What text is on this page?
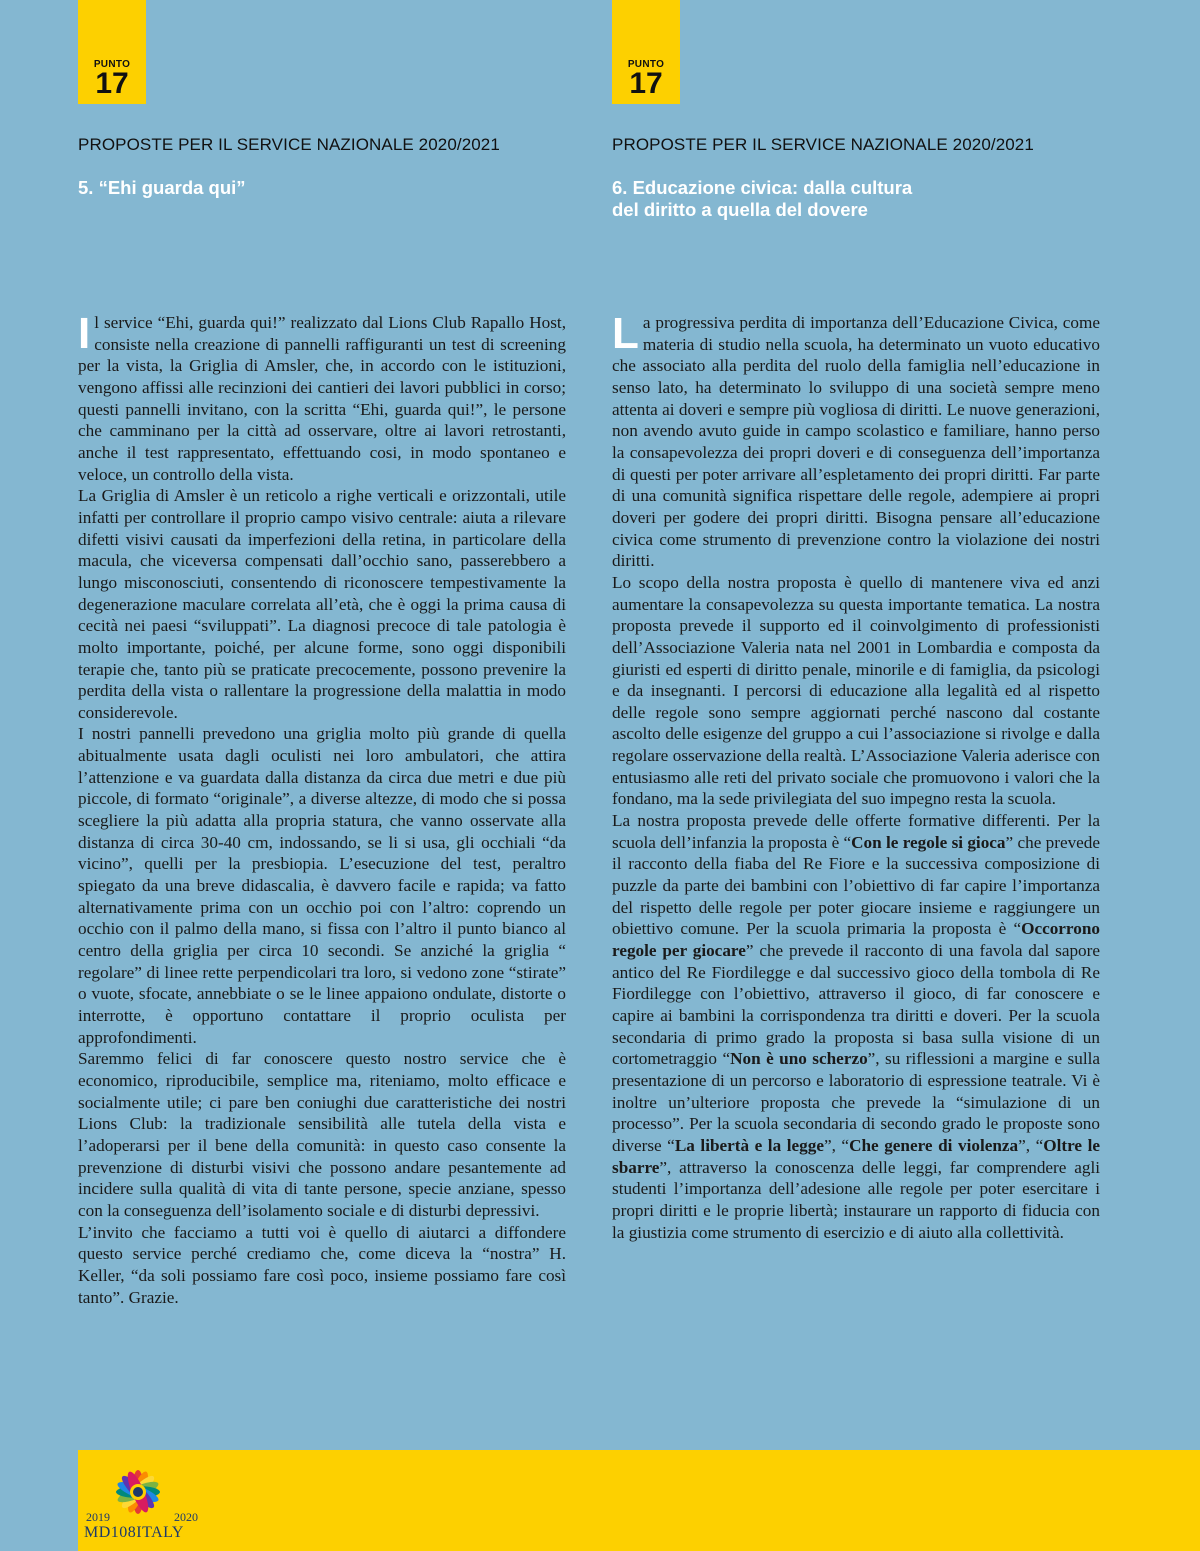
PUNTO
17
PROPOSTE PER IL SERVICE NAZIONALE 2020/2021
5. “Ehi guarda qui”

Il service “Ehi, guarda qui!” realizzato dal Lions Club Rapallo Host, consiste nella creazione di pannelli raffiguranti un test di screening per la vista, la Griglia di Amsler, che, in accordo con le istituzioni, vengono affissi alle recinzioni dei cantieri dei lavori pubblici in corso; questi pannelli invitano, con la scritta “Ehi, guarda qui!”, le persone che camminano per la città ad osservare, oltre ai lavori retrostanti, anche il test rappresentato, effettuando cosi, in modo spontaneo e veloce, un controllo della vista.

La Griglia di Amsler è un reticolo a righe verticali e orizzontali, utile infatti per controllare il proprio campo visivo centrale: aiuta a rilevare difetti visivi causati da imperfezioni della retina, in particolare della macula, che viceversa compensati dall’occhio sano, passerebbero a lungo misconosciuti, consentendo di riconoscere tempestivamente la degenerazione maculare correlata all’età, che è oggi la prima causa di cecità nei paesi “sviluppati”. La diagnosi precoce di tale patologia è molto importante, poiché, per alcune forme, sono oggi disponibili terapie che, tanto più se praticate precocemente, possono prevenire la perdita della vista o rallentare la progressione della malattia in modo considerevole.

I nostri pannelli prevedono una griglia molto più grande di quella abitualmente usata dagli oculisti nei loro ambulatori, che attira l’attenzione e va guardata dalla distanza da circa due metri e due più piccole, di formato “originale”, a diverse altezze, di modo che si possa scegliere la più adatta alla propria statura, che vanno osservate alla distanza di circa 30-40 cm, indossando, se li si usa, gli occhiali “da vicino”, quelli per la presbiopia. L’esecuzione del test, peraltro spiegato da una breve didascalia, è davvero facile e rapida; va fatto alternativamente prima con un occhio poi con l’altro: coprendo un occhio con il palmo della mano, si fissa con l’altro il punto bianco al centro della griglia per circa 10 secondi. Se anziché la griglia “ regolare” di linee rette perpendicolari tra loro, si vedono zone “stirate” o vuote, sfocate, annebbiate o se le linee appaiono ondulate, distorte o interrotte, è opportuno contattare il proprio oculista per approfondimenti.

Saremmo felici di far conoscere questo nostro service che è economico, riproducibile, semplice ma, riteniamo, molto efficace e socialmente utile; ci pare ben coniughi due caratteristiche dei nostri Lions Club: la tradizionale sensibilità alle tutela della vista e l’adoperarsi per il bene della comunità: in questo caso consente la prevenzione di disturbi visivi che possono andare pesantemente ad incidere sulla qualità di vita di tante persone, specie anziane, spesso con la conseguenza dell’isolamento sociale e di disturbi depressivi.

L’invito che facciamo a tutti voi è quello di aiutarci a diffondere questo service perché crediamo che, come diceva la “nostra” H. Keller, “da soli possiamo fare così poco, insieme possiamo fare così tanto”. Grazie.

PUNTO
17
PROPOSTE PER IL SERVICE NAZIONALE 2020/2021
6. Educazione civica: dalla cultura
del diritto a quella del dovere

La progressiva perdita di importanza dell’Educazione Civica, come materia di studio nella scuola, ha determinato un vuoto educativo che associato alla perdita del ruolo della famiglia nell’educazione in senso lato, ha determinato lo sviluppo di una società sempre meno attenta ai doveri e sempre più vogliosa di diritti. Le nuove generazioni, non avendo avuto guide in campo scolastico e familiare, hanno perso la consapevolezza dei propri doveri e di conseguenza dell’importanza di questi per poter arrivare all’espletamento dei propri diritti. Far parte di una comunità significa rispettare delle regole, adempiere ai propri doveri per godere dei propri diritti. Bisogna pensare all’educazione civica come strumento di prevenzione contro la violazione dei nostri diritti.

Lo scopo della nostra proposta è quello di mantenere viva ed anzi aumentare la consapevolezza su questa importante tematica. La nostra proposta prevede il supporto ed il coinvolgimento di professionisti dell’Associazione Valeria nata nel 2001 in Lombardia e composta da giuristi ed esperti di diritto penale, minorile e di famiglia, da psicologi e da insegnanti. I percorsi di educazione alla legalità ed al rispetto delle regole sono sempre aggiornati perché nascono dal costante ascolto delle esigenze del gruppo a cui l’associazione si rivolge e dalla regolare osservazione della realtà. L’Associazione Valeria aderisce con entusiasmo alle reti del privato sociale che promuovono i valori che la fondano, ma la sede privilegiata del suo impegno resta la scuola.

La nostra proposta prevede delle offerte formative differenti. Per la scuola dell’infanzia la proposta è “Con le regole si gioca” che prevede il racconto della fiaba del Re Fiore e la successiva composizione di puzzle da parte dei bambini con l’obiettivo di far capire l’importanza del rispetto delle regole per poter giocare insieme e raggiungere un obiettivo comune. Per la scuola primaria la proposta è “Occorrono regole per giocare” che prevede il racconto di una favola dal sapore antico del Re Fiordilegge e dal successivo gioco della tombola di Re Fiordilegge con l’obiettivo, attraverso il gioco, di far conoscere e capire ai bambini la corrispondenza tra diritti e doveri. Per la scuola secondaria di primo grado la proposta si basa sulla visione di un cortometraggio “Non è uno scherzo”, su riflessioni a margine e sulla presentazione di un percorso e laboratorio di espressione teatrale. Vi è inoltre un’ulteriore proposta che prevede la “simulazione di un processo”. Per la scuola secondaria di secondo grado le proposte sono diverse “La libertà e la legge”, “Che genere di violenza”, “Oltre le sbarre”, attraverso la conoscenza delle leggi, far comprendere agli studenti l’importanza dell’adesione alle regole per poter esercitare i propri diritti e le proprie libertà; instaurare un rapporto di fiducia con la giustizia come strumento di esercizio e di aiuto alla collettività.

2019	2020
MD108ITALY
